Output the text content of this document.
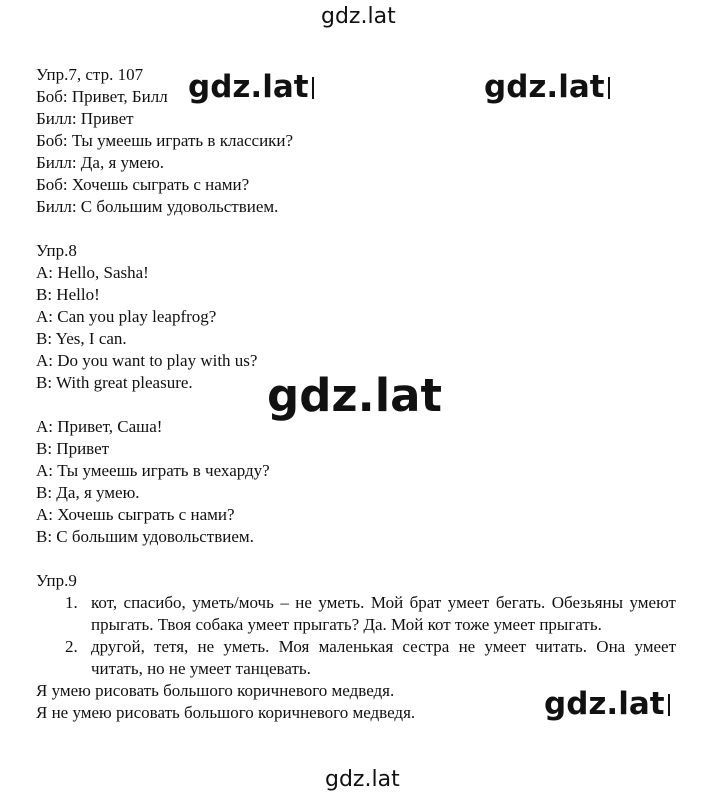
gdz.lat
Упр.7, стр. 107
Боб: Привет, Билл
Билл: Привет
Боб: Ты умеешь играть в классики?
Билл: Да, я умею.
Боб: Хочешь сыграть с нами?
Билл: С большим удовольствием.
Упр.8
A: Hello, Sasha!
B: Hello!
A: Can you play leapfrog?
B: Yes, I can.
A: Do you want to play with us?
B: With great pleasure.
А: Привет, Саша!
В: Привет
А: Ты умеешь играть в чехарду?
В: Да, я умею.
А: Хочешь сыграть с нами?
В: С большим удовольствием.
Упр.9
1. кот, спасибо, уметь/мочь – не уметь. Мой брат умеет бегать. Обезьяны умеют прыгать. Твоя собака умеет прыгать? Да. Мой кот тоже умеет прыгать.
2. другой, тетя, не уметь. Моя маленькая сестра не умеет читать. Она умеет читать, но не умеет танцевать.
Я умею рисовать большого коричневого медведя.
Я не умею рисовать большого коричневого медведя.
gdz.lat	gdz.lat
gdz.lat
gdz.lat
gdz.lat
